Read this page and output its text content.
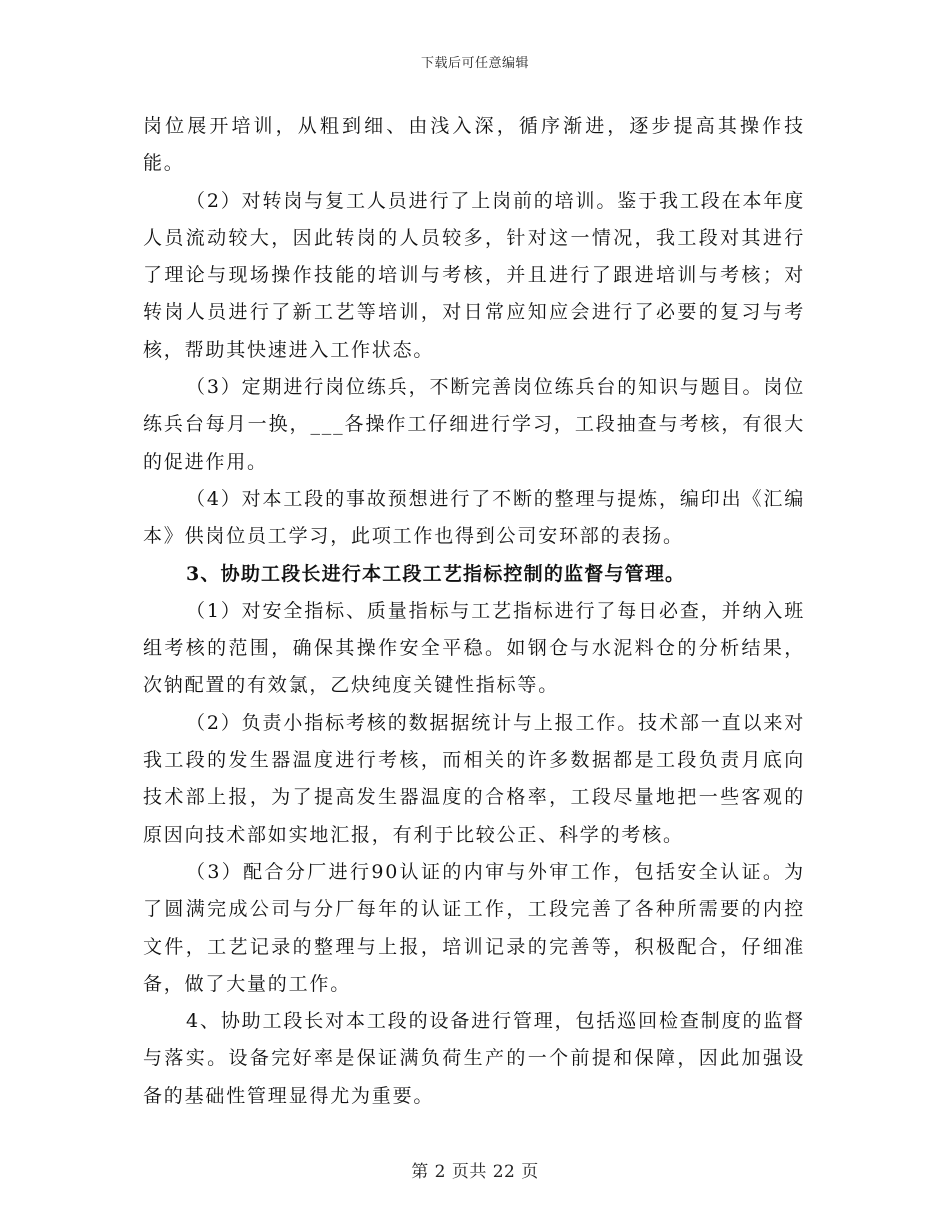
下载后可任意编辑

岗位展开培训，从粗到细、由浅入深，循序渐进，逐步提高其操作技能。

（2）对转岗与复工人员进行了上岗前的培训。鉴于我工段在本年度人员流动较大，因此转岗的人员较多，针对这一情况，我工段对其进行了理论与现场操作技能的培训与考核，并且进行了跟进培训与考核；对转岗人员进行了新工艺等培训，对日常应知应会进行了必要的复习与考核，帮助其快速进入工作状态。

（3）定期进行岗位练兵，不断完善岗位练兵台的知识与题目。岗位练兵台每月一换，___各操作工仔细进行学习，工段抽查与考核，有很大的促进作用。

（4）对本工段的事故预想进行了不断的整理与提炼，编印出《汇编本》供岗位员工学习，此项工作也得到公司安环部的表扬。

3、协助工段长进行本工段工艺指标控制的监督与管理。

（1）对安全指标、质量指标与工艺指标进行了每日必查，并纳入班组考核的范围，确保其操作安全平稳。如钢仓与水泥料仓的分析结果，次钠配置的有效氯，乙炔纯度关键性指标等。

（2）负责小指标考核的数据据统计与上报工作。技术部一直以来对我工段的发生器温度进行考核，而相关的许多数据都是工段负责月底向技术部上报，为了提高发生器温度的合格率，工段尽量地把一些客观的原因向技术部如实地汇报，有利于比较公正、科学的考核。

（3）配合分厂进行90认证的内审与外审工作，包括安全认证。为了圆满完成公司与分厂每年的认证工作，工段完善了各种所需要的内控文件，工艺记录的整理与上报，培训记录的完善等，积极配合，仔细准备，做了大量的工作。

4、协助工段长对本工段的设备进行管理，包括巡回检查制度的监督与落实。设备完好率是保证满负荷生产的一个前提和保障，因此加强设备的基础性管理显得尤为重要。

第 2 页共 22 页
